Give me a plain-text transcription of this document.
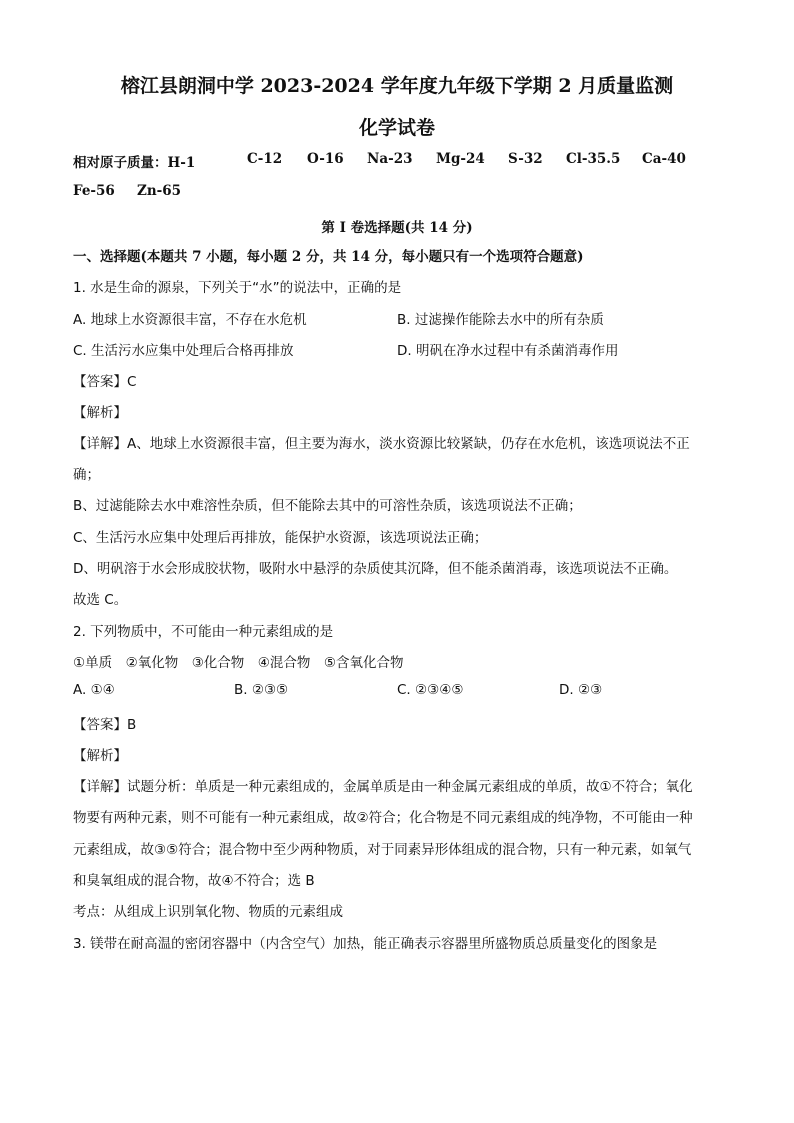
榕江县朗洞中学 2023-2024 学年度九年级下学期 2 月质量监测
化学试卷
相对原子质量：H-1	C-12 O-16 Na-23 Mg-24 S-32 Cl-35.5 Ca-40
Fe-56 Zn-65
第 I 卷选择题(共 14 分)
一、选择题(本题共 7 小题，每小题 2 分，共 14 分，每小题只有一个选项符合题意)
1. 水是生命的源泉，下列关于“水”的说法中，正确的是
A. 地球上水资源很丰富，不存在水危机	B. 过滤操作能除去水中的所有杂质
C. 生活污水应集中处理后合格再排放	D. 明矾在净水过程中有杀菌消毒作用
【答案】C
【解析】
【详解】A、地球上水资源很丰富，但主要为海水，淡水资源比较紧缺，仍存在水危机，该选项说法不正
确；
B、过滤能除去水中难溶性杂质，但不能除去其中的可溶性杂质，该选项说法不正确；
C、生活污水应集中处理后再排放，能保护水资源，该选项说法正确；
D、明矾溶于水会形成胶状物，吸附水中悬浮的杂质使其沉降，但不能杀菌消毒，该选项说法不正确。
故选 C。
2. 下列物质中，不可能由一种元素组成的是
①单质　②氧化物　③化合物　④混合物　⑤含氧化合物
A. ①④	B. ②③⑤	C. ②③④⑤	D. ②③
【答案】B
【解析】
【详解】试题分析：单质是一种元素组成的，金属单质是由一种金属元素组成的单质，故①不符合；氧化
物要有两种元素，则不可能有一种元素组成，故②符合；化合物是不同元素组成的纯净物，不可能由一种
元素组成，故③⑤符合；混合物中至少两种物质，对于同素异形体组成的混合物，只有一种元素，如氧气
和臭氧组成的混合物，故④不符合；选 B
考点：从组成上识别氧化物、物质的元素组成
3. 镁带在耐高温的密闭容器中（内含空气）加热，能正确表示容器里所盛物质总质量变化的图象是
